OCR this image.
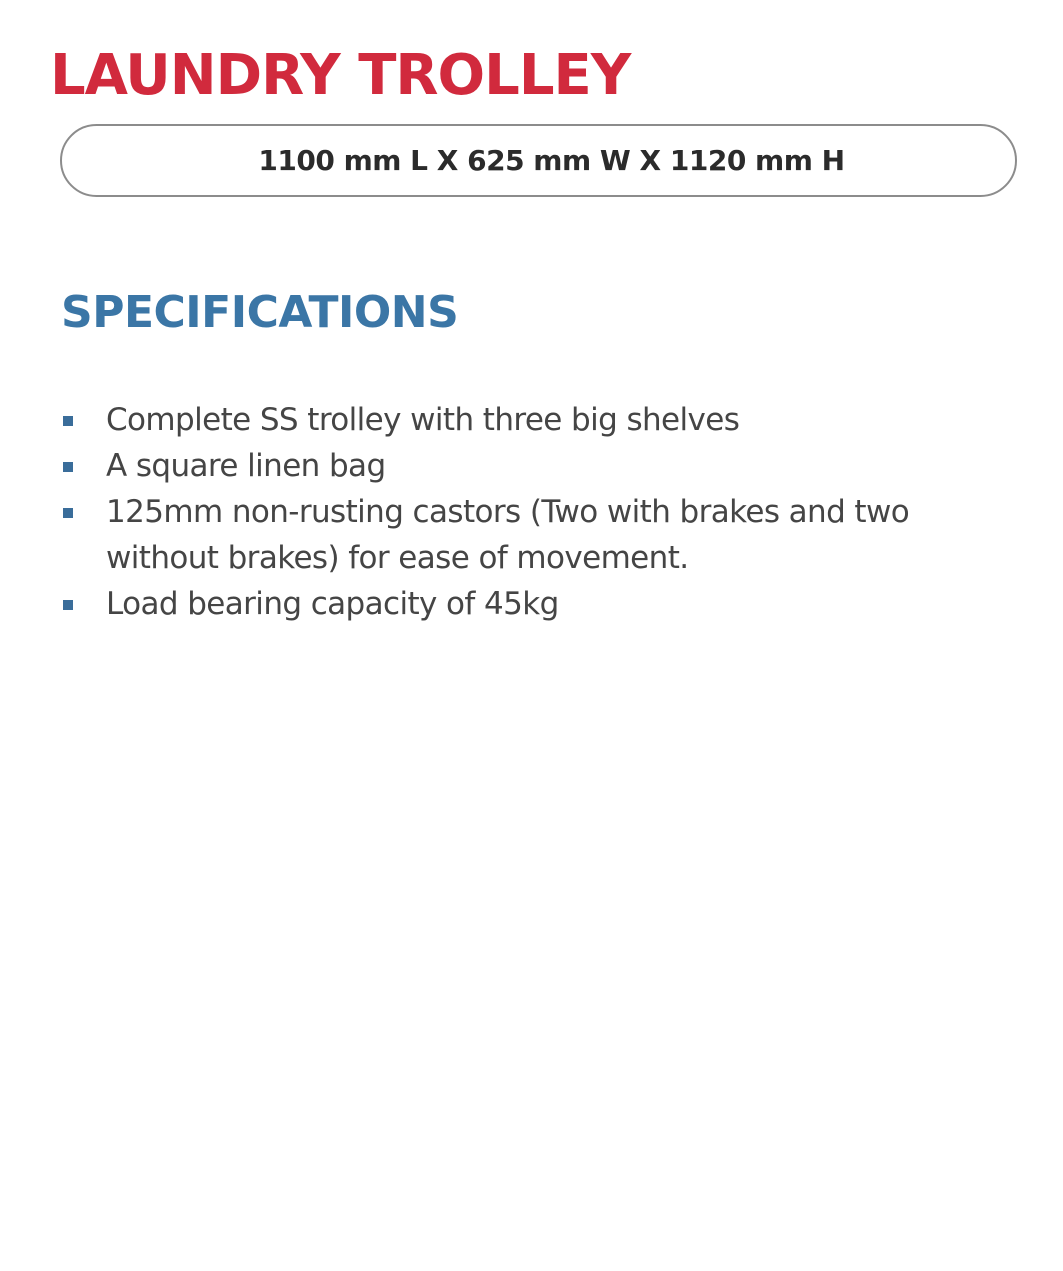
LAUNDRY TROLLEY
1100 mm L X 625 mm W X 1120 mm H
SPECIFICATIONS
Complete SS trolley with three big shelves
A square linen bag
125mm non-rusting castors (Two with brakes and two without brakes) for ease of movement.
Load bearing capacity of 45kg
